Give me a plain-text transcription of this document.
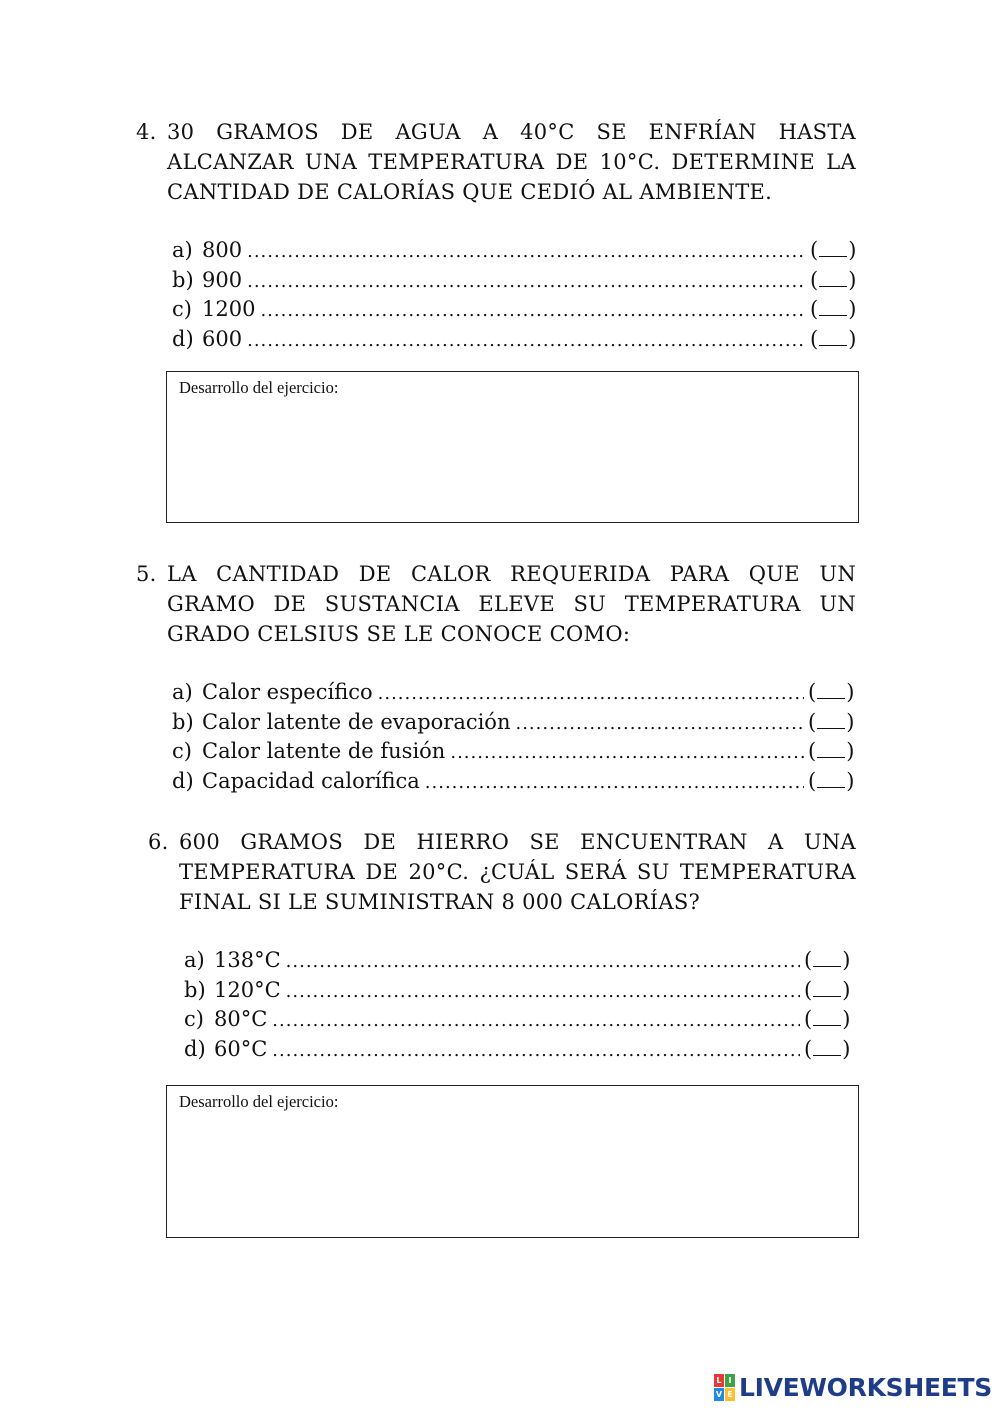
4. 30 GRAMOS DE AGUA A 40°C SE ENFRÍAN HASTA ALCANZAR UNA TEMPERATURA DE 10°C. DETERMINE LA CANTIDAD DE CALORÍAS QUE CEDIÓ AL AMBIENTE.
a) 800 .....	( )
b) 900 .....	( )
c) 1200 .....	( )
d) 600 .....	( )
Desarrollo del ejercicio:
5. LA CANTIDAD DE CALOR REQUERIDA PARA QUE UN GRAMO DE SUSTANCIA ELEVE SU TEMPERATURA UN GRADO CELSIUS SE LE CONOCE COMO:
a) Calor específico .....	( )
b) Calor latente de evaporación .....	( )
c) Calor latente de fusión .....	( )
d) Capacidad calorífica .....	( )
6. 600 GRAMOS DE HIERRO SE ENCUENTRAN A UNA TEMPERATURA DE 20°C. ¿CUÁL SERÁ SU TEMPERATURA FINAL SI LE SUMINISTRAN 8 000 CALORÍAS?
a) 138°C .....	( )
b) 120°C .....	( )
c) 80°C .....	( )
d) 60°C .....	( )
Desarrollo del ejercicio:
L I
V E LIVEWORKSHEETS
